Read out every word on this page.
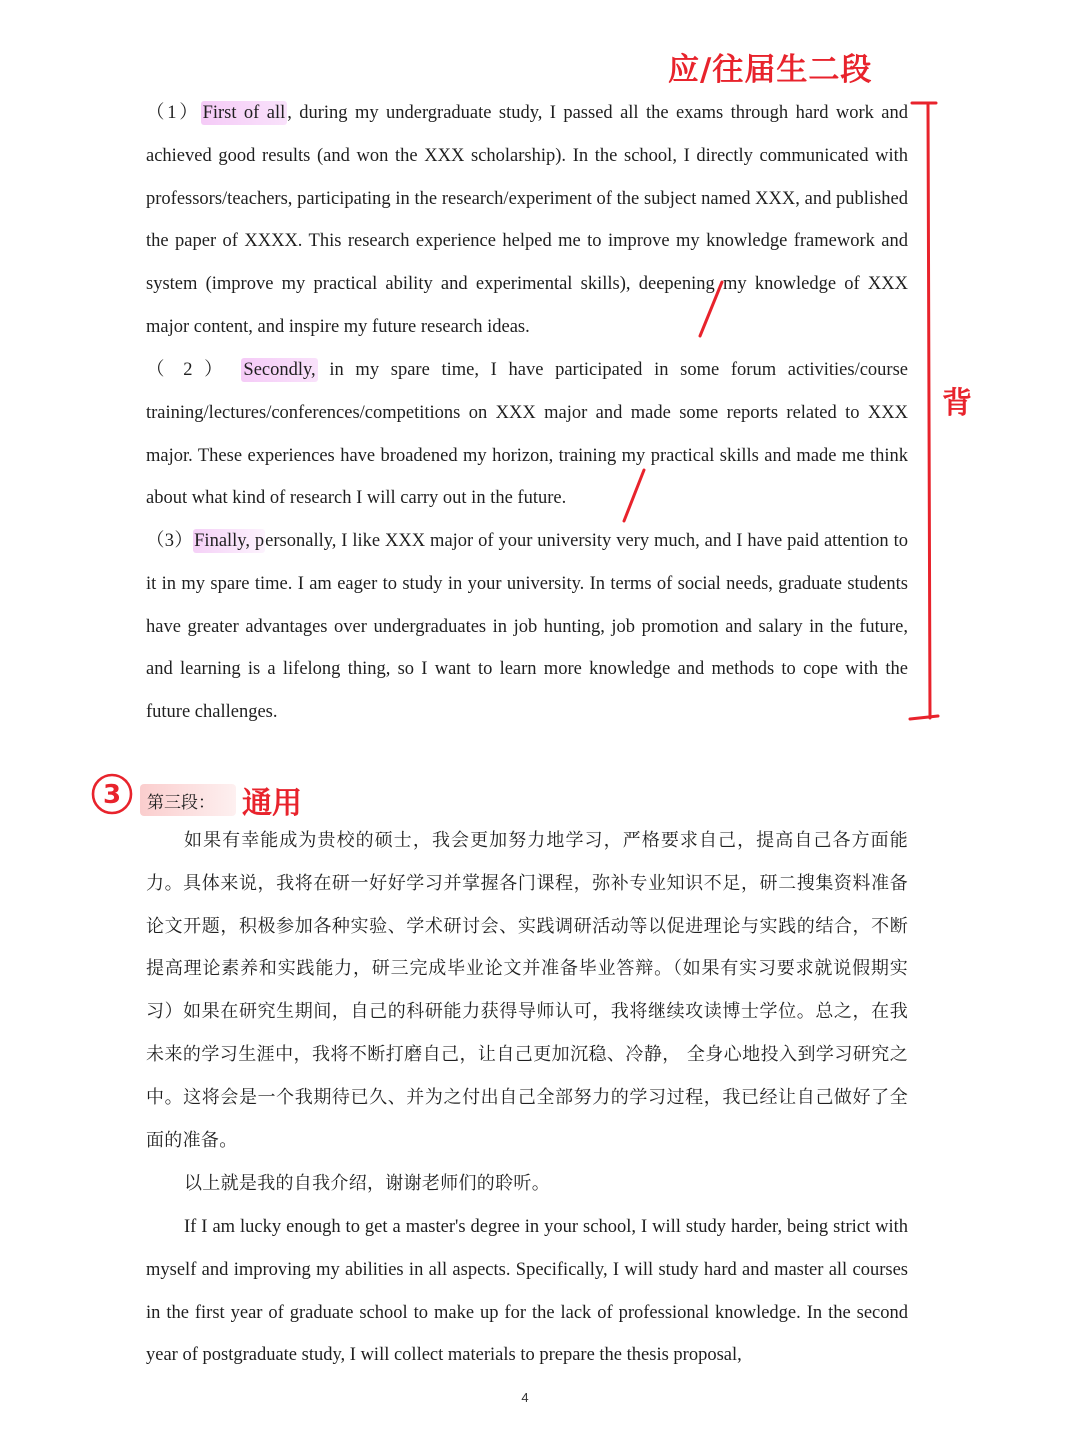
应/往届生二段
背

（1） First of all , during my undergraduate study, I passed all the exams through hard work and achieved good results (and won the XXX scholarship). In the school, I directly communicated with professors/teachers, participating in the research/experiment of the subject named XXX, and published the paper of XXXX. This research experience helped me to improve my knowledge framework and system (improve my practical ability and experimental skills), deepening my knowledge of XXX major content, and inspire my future research ideas.

（ 2 ） Secondly, in my spare time, I have participated in some forum activities/course training/lectures/conferences/competitions on XXX major and made some reports related to XXX major. These experiences have broadened my horizon, training my practical skills and made me think about what kind of research I will carry out in the future.

（3）Finally, personally, I like XXX major of your university very much, and I have paid attention to it in my spare time. I am eager to study in your university. In terms of social needs, graduate students have greater advantages over undergraduates in job hunting, job promotion and salary in the future, and learning is a lifelong thing, so I want to learn more knowledge and methods to cope with the future challenges.

3 第三段： 通用

如果有幸能成为贵校的硕士，我会更加努力地学习，严格要求自己，提高自己各方面能力。具体来说，我将在研一好好学习并掌握各门课程，弥补专业知识不足，研二搜集资料准备论文开题，积极参加各种实验、学术研讨会、实践调研活动等以促进理论与实践的结合，不断提高理论素养和实践能力，研三完成毕业论文并准备毕业答辩。（如果有实习要求就说假期实习）如果在研究生期间，自己的科研能力获得导师认可，我将继续攻读博士学位。总之，在我未来的学习生涯中，我将不断打磨自己，让自己更加沉稳、冷静， 全身心地投入到学习研究之中。这将会是一个我期待已久、并为之付出自己全部努力的学习过程，我已经让自己做好了全面的准备。

以上就是我的自我介绍，谢谢老师们的聆听。

If I am lucky enough to get a master's degree in your school, I will study harder, being strict with myself and improving my abilities in all aspects. Specifically, I will study hard and master all courses in the first year of graduate school to make up for the lack of professional knowledge. In the second year of postgraduate study, I will collect materials to prepare the thesis proposal,

4
